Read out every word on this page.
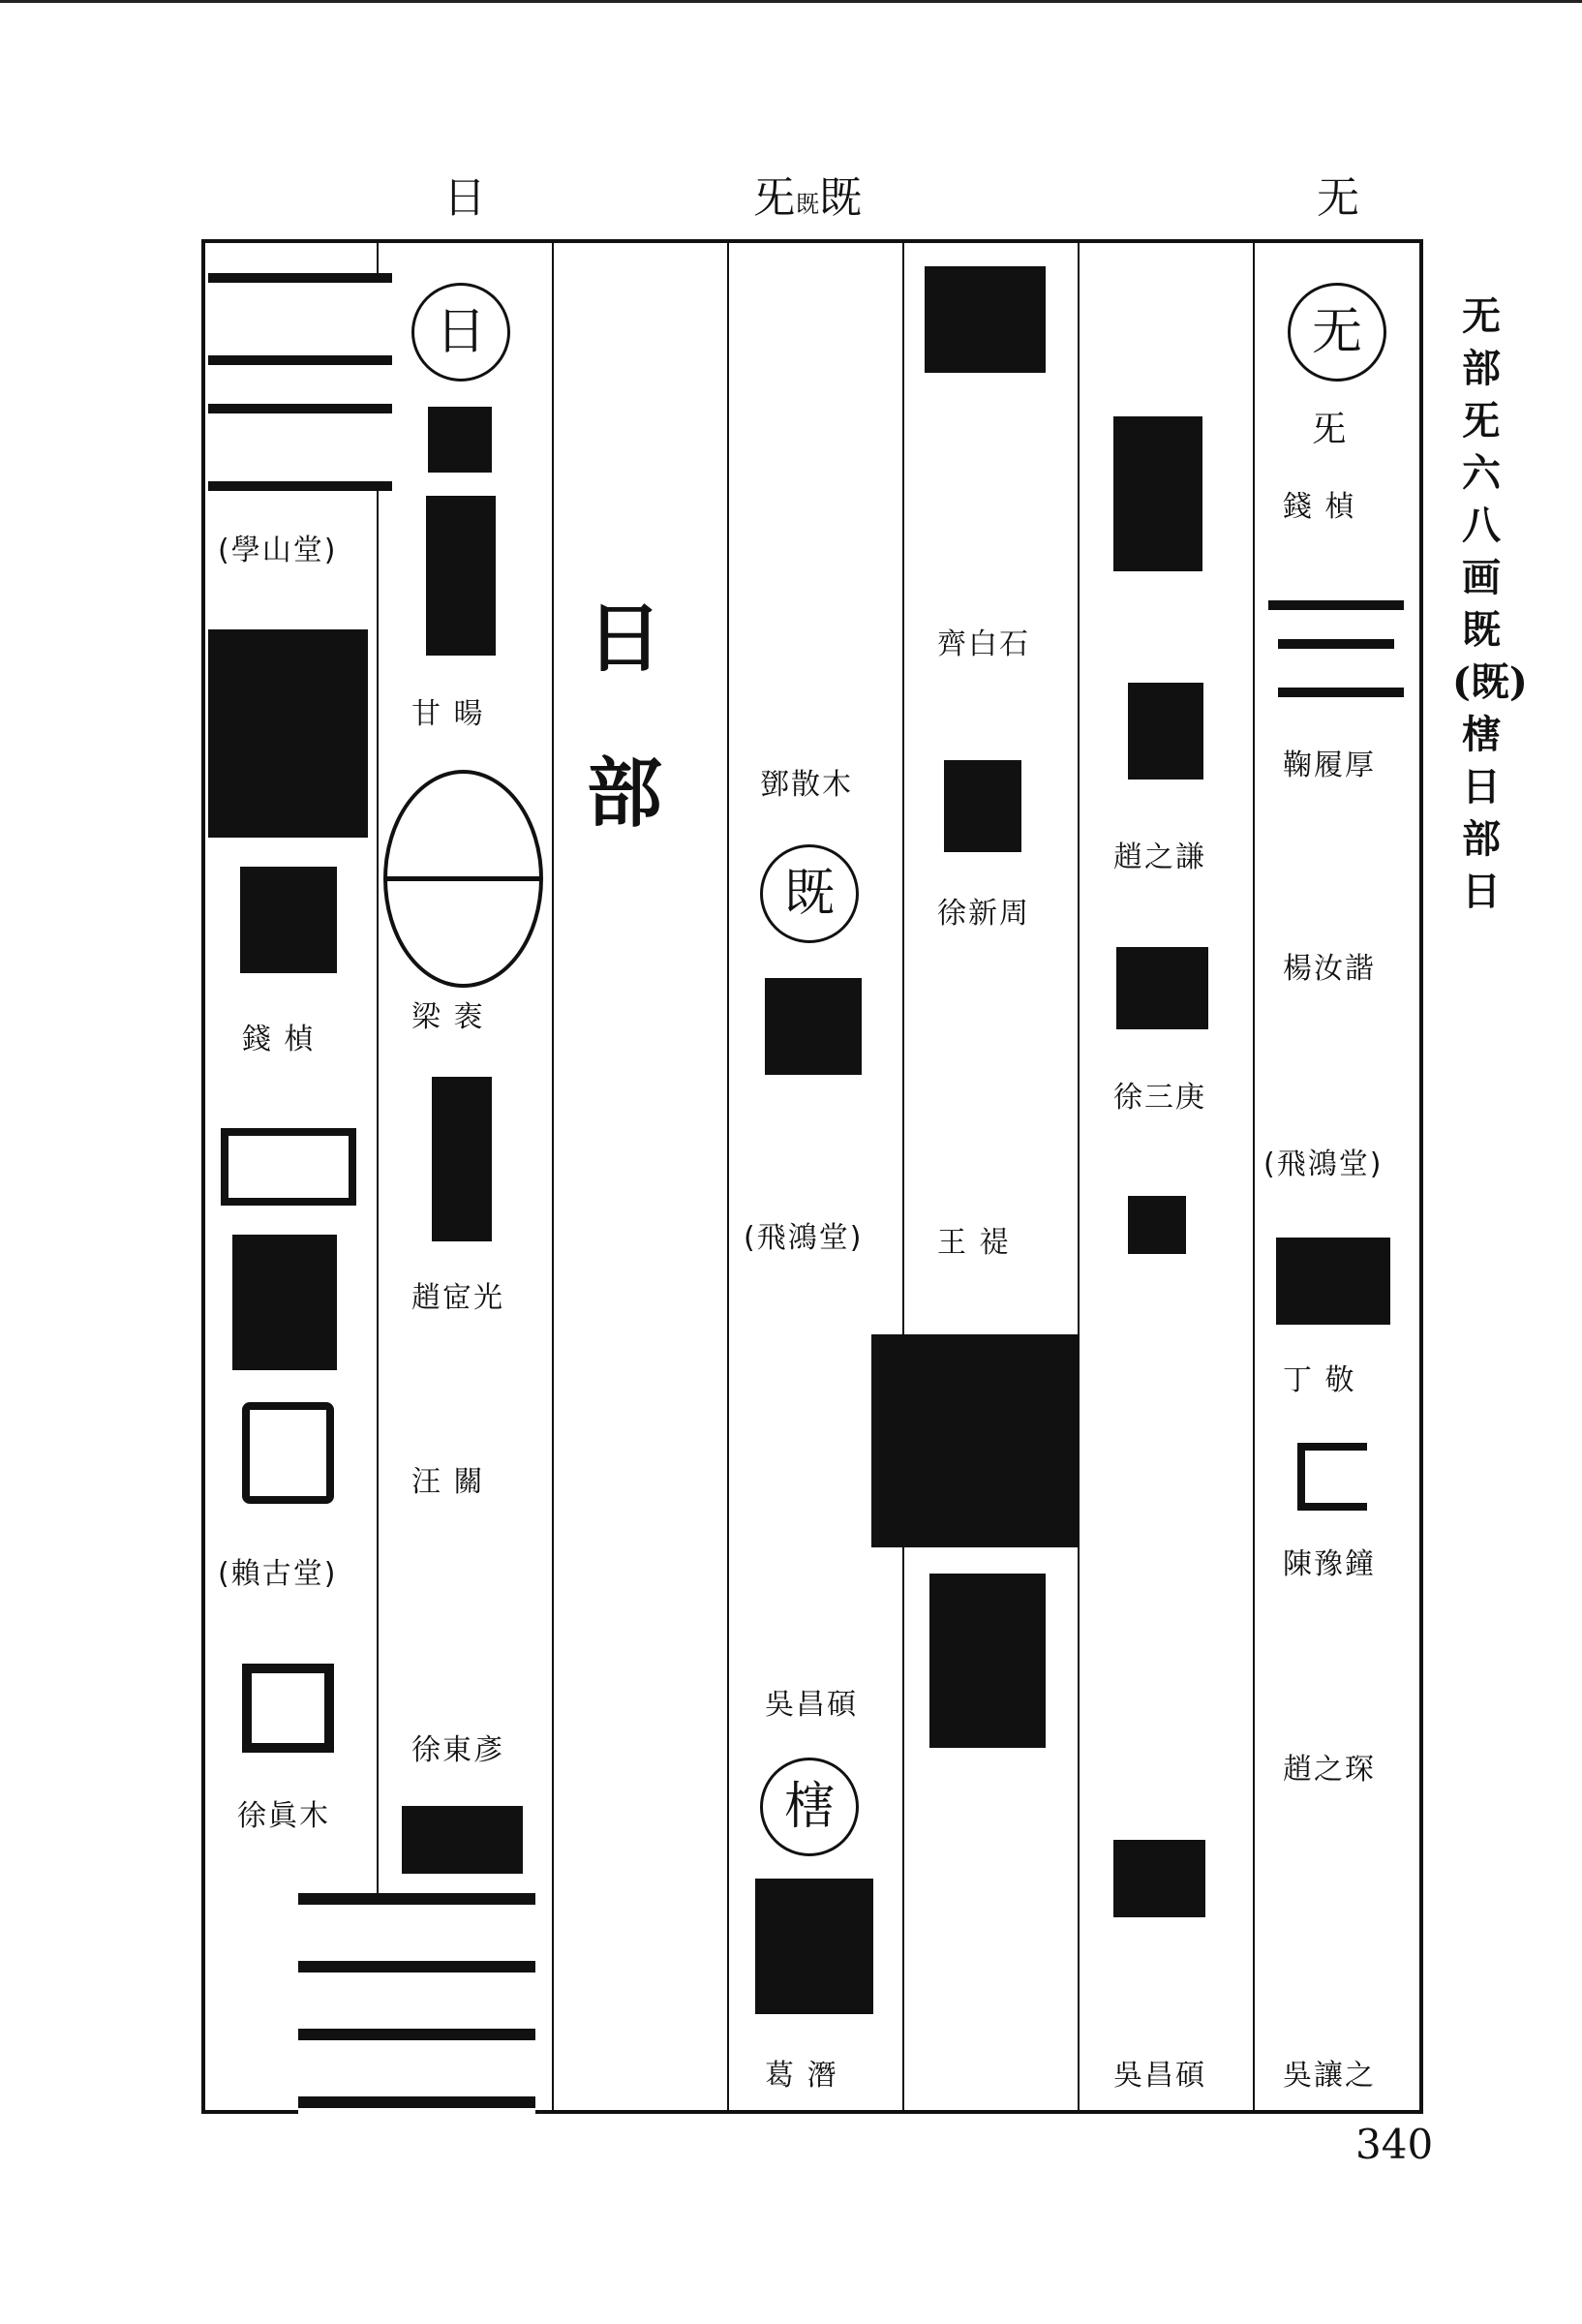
日	旡既既	无
无
旡
錢 楨
鞠履厚
楊汝諧
(飛鴻堂)
丁 敬
陳豫鐘
趙之琛
吳讓之
趙之謙
徐三庚
吳昌碩
齊白石
徐新周
王 禔
鄧散木
既
(飛鴻堂)
吳昌碩
㮫
葛 潛
日
部
日
甘 暘
梁 袠
趙宧光
汪 關
徐東彥
(學山堂)
錢 楨
(賴古堂)
徐眞木
无部
旡
六
八画
既
(既)
㮫
日部
日
340
